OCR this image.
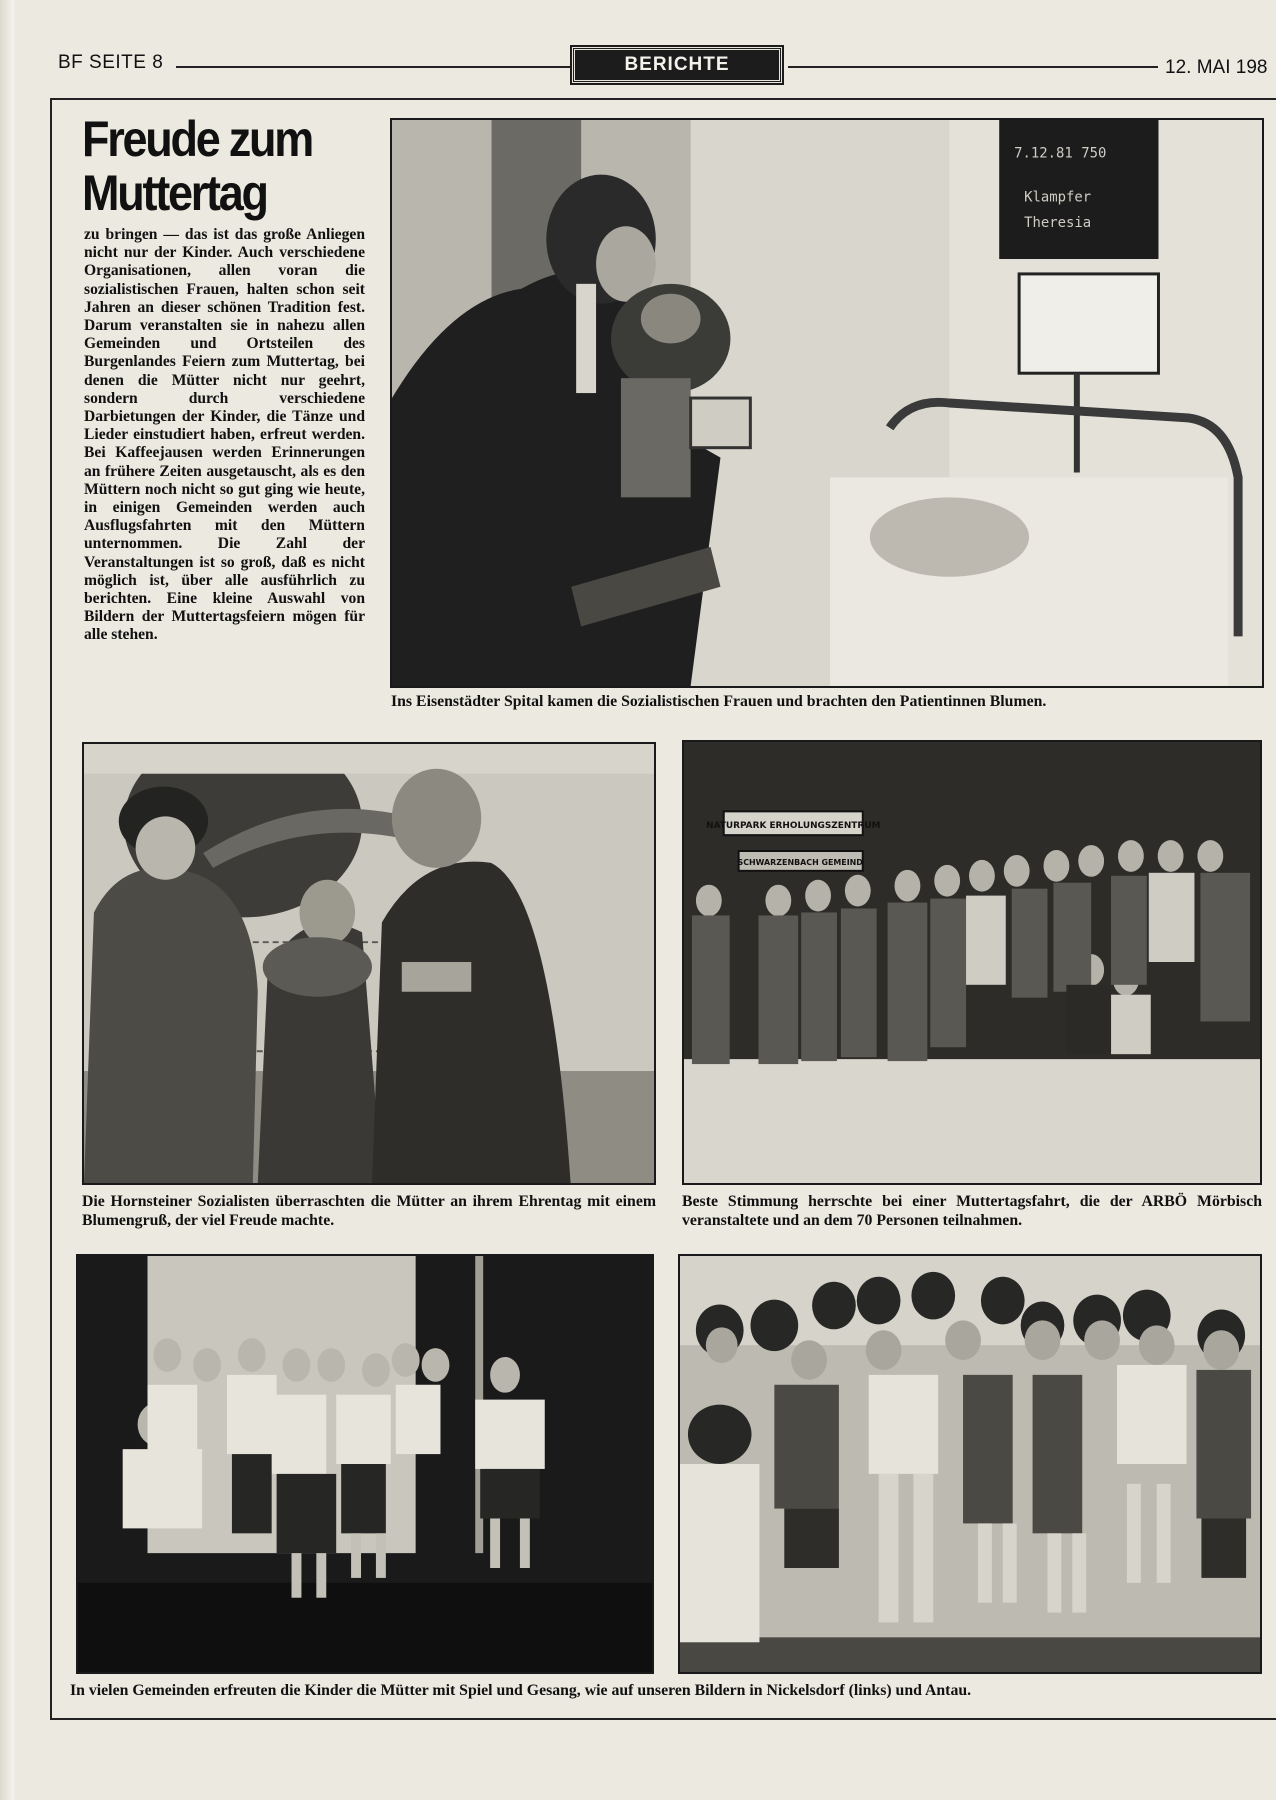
BF SEITE 8	BERICHTE	12. MAI 198
Freude zum
Muttertag
zu bringen — das ist das große Anliegen nicht nur der Kinder. Auch verschiedene Organisationen, allen voran die sozialistischen Frauen, halten schon seit Jahren an dieser schönen Tradition fest. Darum veranstalten sie in nahezu allen Gemeinden und Ortsteilen des Burgenlandes Feiern zum Muttertag, bei denen die Mütter nicht nur geehrt, sondern durch verschiedene Darbietungen der Kinder, die Tänze und Lieder einstudiert haben, erfreut werden. Bei Kaffeejausen werden Erinnerungen an frühere Zeiten ausgetauscht, als es den Müttern noch nicht so gut ging wie heute, in einigen Gemeinden werden auch Ausflugsfahrten mit den Müttern unternommen. Die Zahl der Veranstaltungen ist so groß, daß es nicht möglich ist, über alle ausführlich zu berichten. Eine kleine Auswahl von Bildern der Muttertagsfeiern mögen für alle stehen.
7.12.81 750
Klampfer
Theresia
Ins Eisenstädter Spital kamen die Sozialistischen Frauen und brachten den Patientinnen Blumen.
Die Hornsteiner Sozialisten überraschten die Mütter an ihrem Ehrentag mit einem Blumengruß, der viel Freude machte.
NATURPARK ERHOLUNGSZENTRUM
SCHWARZENBACH GEMEIND
Beste Stimmung herrschte bei einer Muttertagsfahrt, die der ARBÖ Mörbisch veranstaltete und an dem 70 Personen teilnahmen.
In vielen Gemeinden erfreuten die Kinder die Mütter mit Spiel und Gesang, wie auf unseren Bildern in Nickelsdorf (links) und Antau.
